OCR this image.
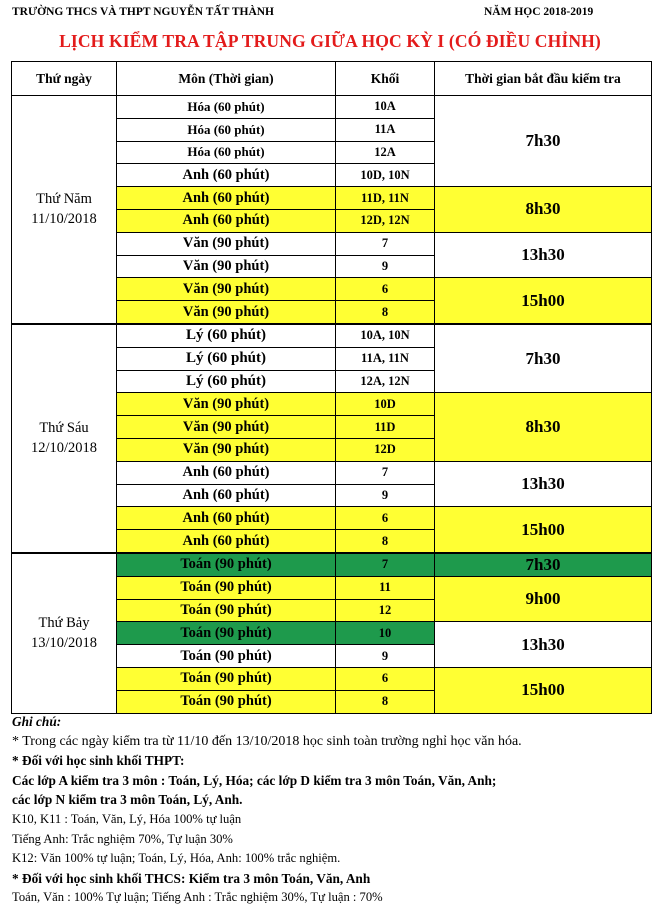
TRƯỜNG THCS VÀ THPT NGUYỄN TẤT THÀNH	NĂM HỌC 2018-2019
LỊCH KIỂM TRA TẬP TRUNG GIỮA HỌC KỲ I (CÓ ĐIỀU CHỈNH)
Thứ ngày	Môn (Thời gian)	Khối	Thời gian bắt đầu kiểm tra

Thứ Năm
11/10/2018	Hóa (60 phút)	10A	7h30
	Hóa (60 phút)	11A	
	Hóa (60 phút)	12A	
	Anh (60 phút)	10D, 10N	
	Anh (60 phút)	11D, 11N	8h30
	Anh (60 phút)	12D, 12N	
	Văn (90 phút)	7	13h30
	Văn (90 phút)	9	
	Văn (90 phút)	6	15h00
	Văn (90 phút)	8	

Thứ Sáu
12/10/2018	Lý (60 phút)	10A, 10N	7h30
	Lý (60 phút)	11A, 11N	
	Lý (60 phút)	12A, 12N	
	Văn (90 phút)	10D	8h30
	Văn (90 phút)	11D	
	Văn (90 phút)	12D	
	Anh (60 phút)	7	13h30
	Anh (60 phút)	9	
	Anh (60 phút)	6	15h00
	Anh (60 phút)	8	

Thứ Bảy
13/10/2018	Toán (90 phút)	7	7h30
	Toán (90 phút)	11	9h00
	Toán (90 phút)	12	
	Toán (90 phút)	10	13h30
	Toán (90 phút)	9	
	Toán (90 phút)	6	15h00
	Toán (90 phút)	8	
Ghi chú:
* Trong các ngày kiểm tra từ 11/10 đến 13/10/2018 học sinh toàn trường nghỉ học văn hóa.
* Đối với học sinh khối THPT:
Các lớp A kiểm tra 3 môn : Toán, Lý, Hóa; các lớp D kiểm tra 3 môn Toán, Văn, Anh;
các lớp N kiểm tra 3 môn Toán, Lý, Anh.
K10, K11 : Toán, Văn, Lý, Hóa 100% tự luận
Tiếng Anh: Trắc nghiệm 70%, Tự luận 30%
K12: Văn 100% tự luận; Toán, Lý, Hóa, Anh: 100% trắc nghiệm.
* Đối với học sinh khối THCS: Kiểm tra 3 môn Toán, Văn, Anh
Toán, Văn : 100% Tự luận; Tiếng Anh : Trắc nghiệm 30%, Tự luận : 70%
